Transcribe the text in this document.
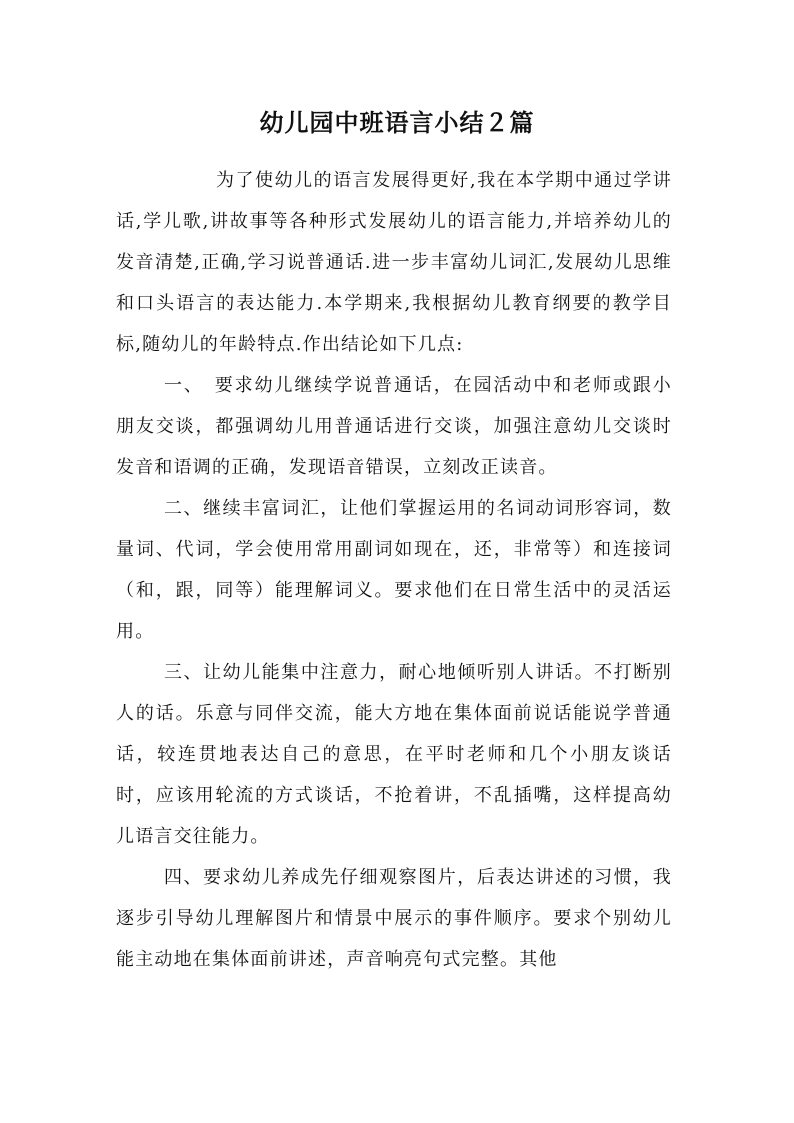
幼儿园中班语言小结２篇

为了使幼儿的语言发展得更好,我在本学期中通过学讲话,学儿歌,讲故事等各种形式发展幼儿的语言能力,并培养幼儿的发音清楚,正确,学习说普通话.进一步丰富幼儿词汇,发展幼儿思维和口头语言的表达能力.本学期来,我根据幼儿教育纲要的教学目标,随幼儿的年龄特点.作出结论如下几点:

一、　要求幼儿继续学说普通话，在园活动中和老师或跟小朋友交谈，都强调幼儿用普通话进行交谈，加强注意幼儿交谈时发音和语调的正确，发现语音错误，立刻改正读音。

二、继续丰富词汇，让他们掌握运用的名词动词形容词，数量词、代词，学会使用常用副词如现在，还，非常等）和连接词（和，跟，同等）能理解词义。要求他们在日常生活中的灵活运用。

三、让幼儿能集中注意力，耐心地倾听别人讲话。不打断别人的话。乐意与同伴交流，能大方地在集体面前说话能说学普通话，较连贯地表达自己的意思，在平时老师和几个小朋友谈话时，应该用轮流的方式谈话，不抢着讲，不乱插嘴，这样提高幼儿语言交往能力。

四、要求幼儿养成先仔细观察图片，后表达讲述的习惯，我逐步引导幼儿理解图片和情景中展示的事件顺序。要求个别幼儿能主动地在集体面前讲述，声音响亮句式完整。其他
